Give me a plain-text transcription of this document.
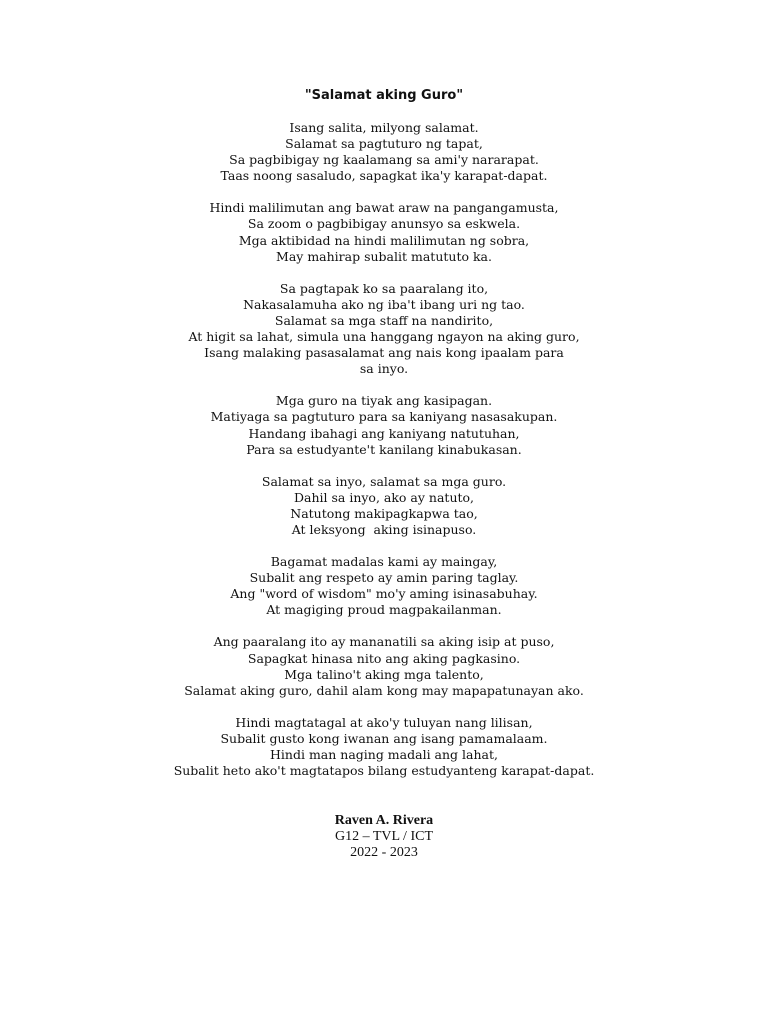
"Salamat aking Guro"
Isang salita, milyong salamat.
Salamat sa pagtuturo ng tapat,
Sa pagbibigay ng kaalamang sa ami'y nararapat.
Taas noong sasaludo, sapagkat ika'y karapat-dapat.
Hindi malilimutan ang bawat araw na pangangamusta,
Sa zoom o pagbibigay anunsyo sa eskwela.
Mga aktibidad na hindi malilimutan ng sobra,
May mahirap subalit matututo ka.
Sa pagtapak ko sa paaralang ito,
Nakasalamuha ako ng iba't ibang uri ng tao.
Salamat sa mga staff na nandirito,
At higit sa lahat, simula una hanggang ngayon na aking guro,
Isang malaking pasasalamat ang nais kong ipaalam para
sa inyo.
Mga guro na tiyak ang kasipagan.
Matiyaga sa pagtuturo para sa kaniyang nasasakupan.
Handang ibahagi ang kaniyang natutuhan,
Para sa estudyante't kanilang kinabukasan.
Salamat sa inyo, salamat sa mga guro.
Dahil sa inyo, ako ay natuto,
Natutong makipagkapwa tao,
At leksyong  aking isinapuso.
Bagamat madalas kami ay maingay,
Subalit ang respeto ay amin paring taglay.
Ang "word of wisdom" mo'y aming isinasabuhay.
At magiging proud magpakailanman.
Ang paaralang ito ay mananatili sa aking isip at puso,
Sapagkat hinasa nito ang aking pagkasino.
Mga talino't aking mga talento,
Salamat aking guro, dahil alam kong may mapapatunayan ako.
Hindi magtatagal at ako'y tuluyan nang lilisan,
Subalit gusto kong iwanan ang isang pamamalaam.
Hindi man naging madali ang lahat,
Subalit heto ako't magtatapos bilang estudyanteng karapat-dapat.
Raven A. Rivera
G12 – TVL / ICT
2022 - 2023
